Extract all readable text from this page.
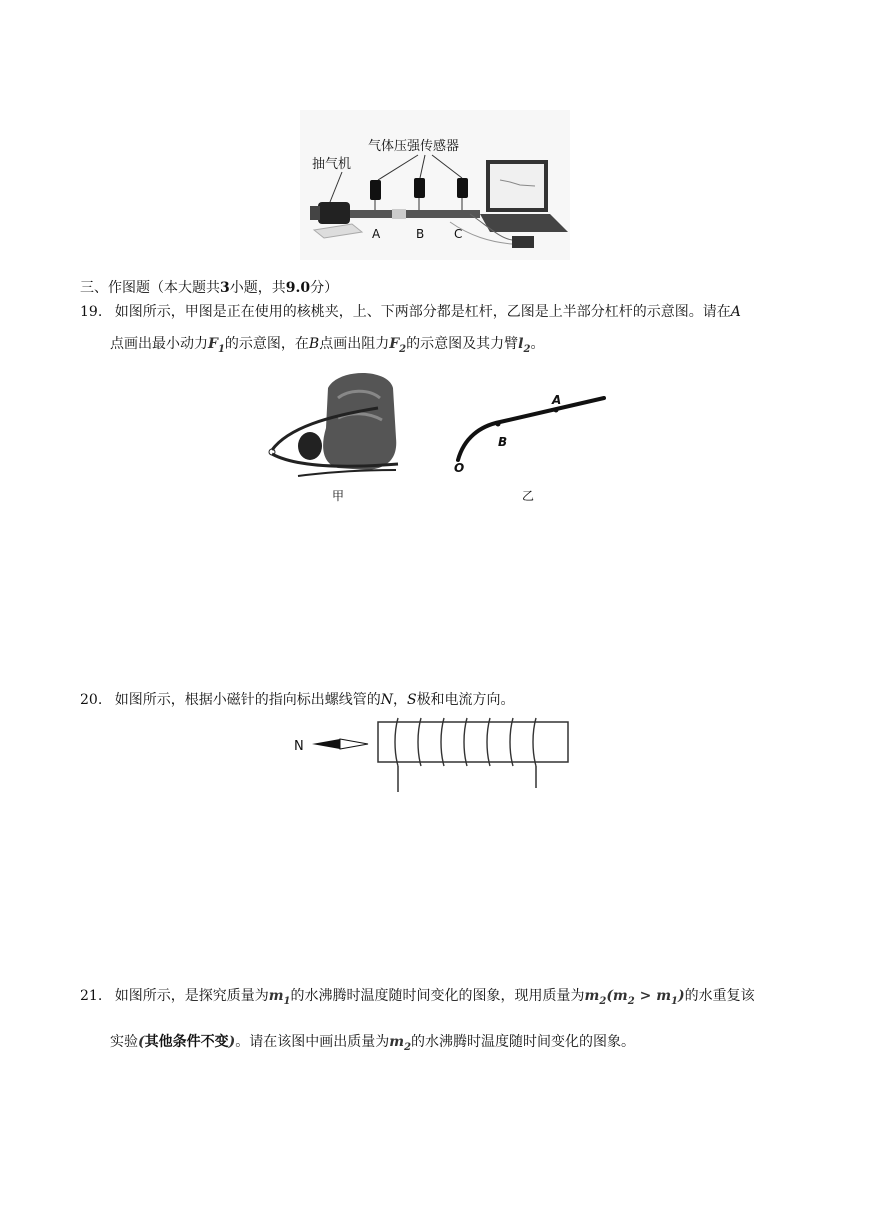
气体压强传感器
抽气机
A	B C
三、作图题（本大题共3小题，共9.0分）
19. 如图所示，甲图是正在使用的核桃夹，上、下两部分都是杠杆，乙图是上半部分杠杆的示意图。请在A
点画出最小动力$F_1$的示意图，在B点画出阻力$F_2$的示意图及其力臂$l_2$。
A
B
O
甲	乙
20. 如图所示，根据小磁针的指向标出螺线管的N，S极和电流方向。
N
21. 如图所示，是探究质量为$m_1$的水沸腾时温度随时间变化的图象，现用质量为$m_2(m_2 > m_1)$的水重复该
实验(其他条件不变)。请在该图中画出质量为$m_2$的水沸腾时温度随时间变化的图象。
